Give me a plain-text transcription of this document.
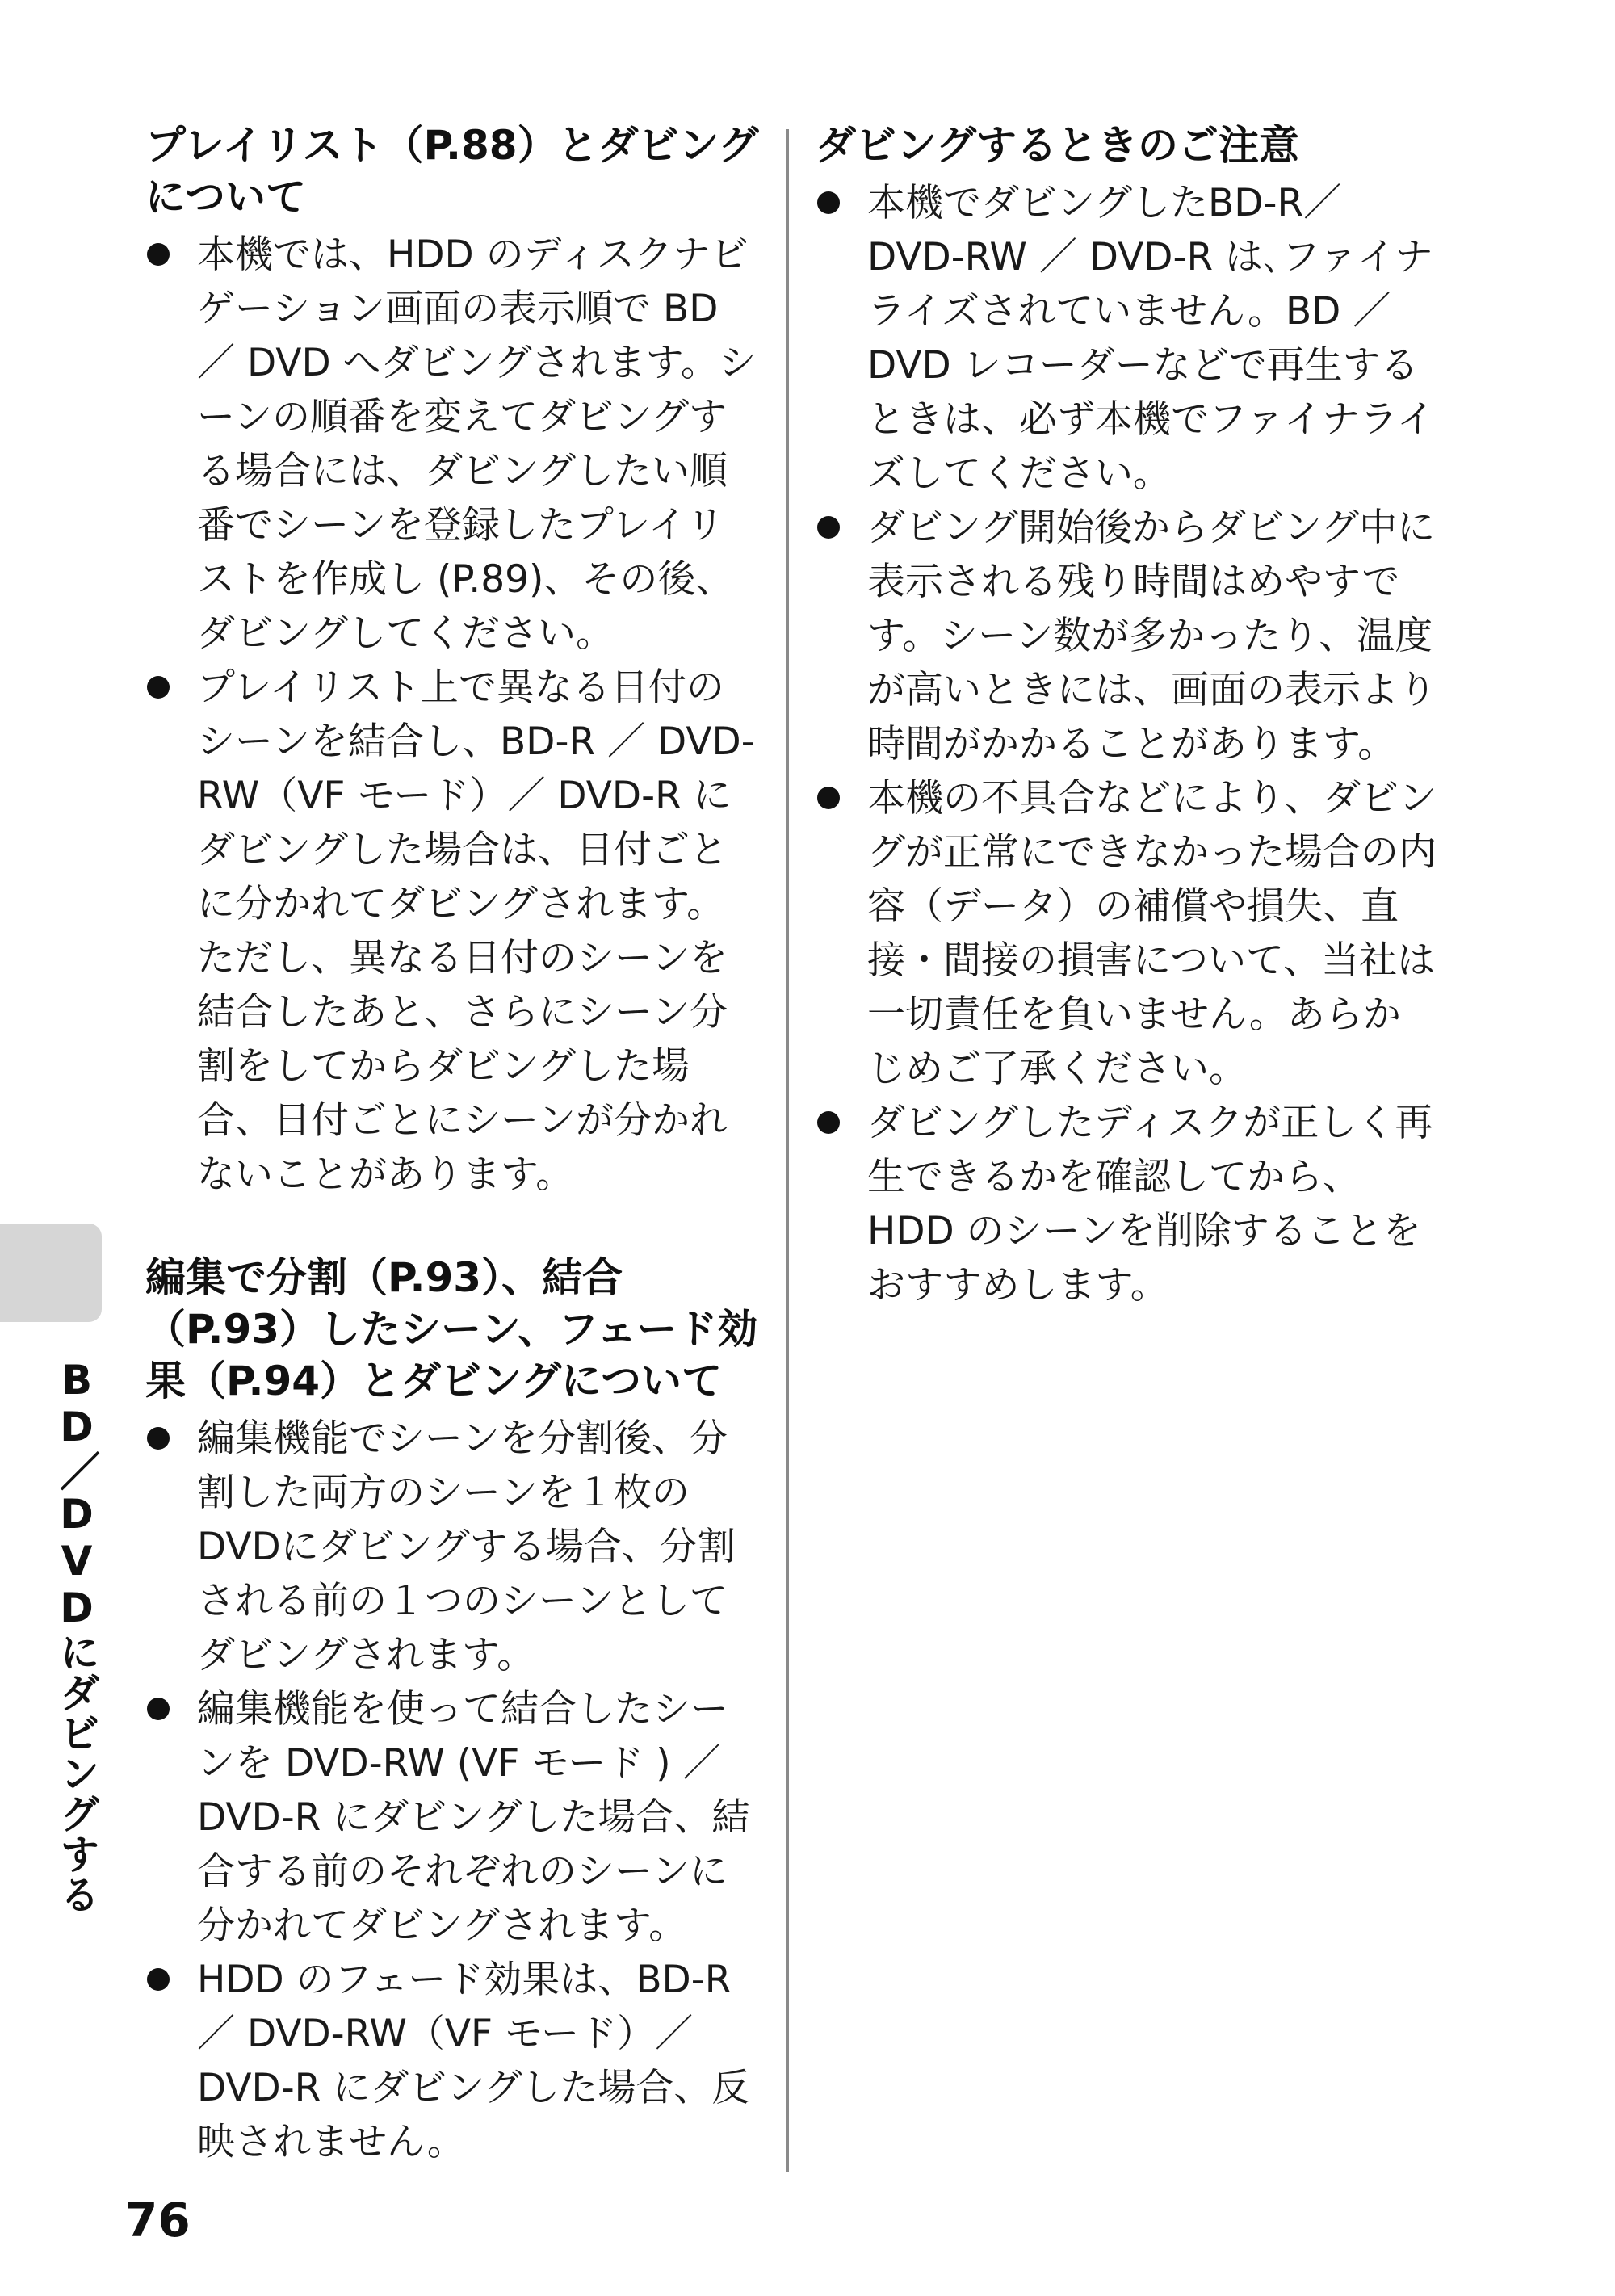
プレイリスト（P.88）とダビングについて
本機では、HDD のディスクナビゲーション画面の表示順で BD ／ DVD へダビングされます。シーンの順番を変えてダビングする場合には、ダビングしたい順番でシーンを登録したプレイリストを作成し (P.89)、その後、ダビングしてください。
プレイリスト上で異なる日付のシーンを結合し、BD-R ／ DVD-RW（VF モード）／ DVD-R にダビングした場合は、日付ごとに分かれてダビングされます。ただし、異なる日付のシーンを結合したあと、さらにシーン分割をしてからダビングした場合、日付ごとにシーンが分かれないことがあります。
編集で分割（P.93）、結合（P.93）したシーン、フェード効果（P.94）とダビングについて
編集機能でシーンを分割後、分割した両方のシーンを１枚のDVDにダビングする場合、分割される前の１つのシーンとしてダビングされます。
編集機能を使って結合したシーンを DVD-RW (VF モード ) ／ DVD-R にダビングした場合、結合する前のそれぞれのシーンに分かれてダビングされます。
HDD のフェード効果は、BD-R ／ DVD-RW（VF モード）／ DVD-R にダビングした場合、反映されません。
ダビングするときのご注意
本機でダビングしたBD-R／DVD-RW ／ DVD-R は､ファイナライズされていません。BD ／ DVD レコーダーなどで再生するときは、必ず本機でファイナライズしてください。
ダビング開始後からダビング中に表示される残り時間はめやすです。シーン数が多かったり、温度が高いときには、画面の表示より時間がかかることがあります。
本機の不具合などにより、ダビングが正常にできなかった場合の内容（データ）の補償や損失、直接・間接の損害について、当社は一切責任を負いません。あらかじめご了承ください。
ダビングしたディスクが正しく再生できるかを確認してから、HDD のシーンを削除することをおすすめします。
BD／DVDにダビングする
76
